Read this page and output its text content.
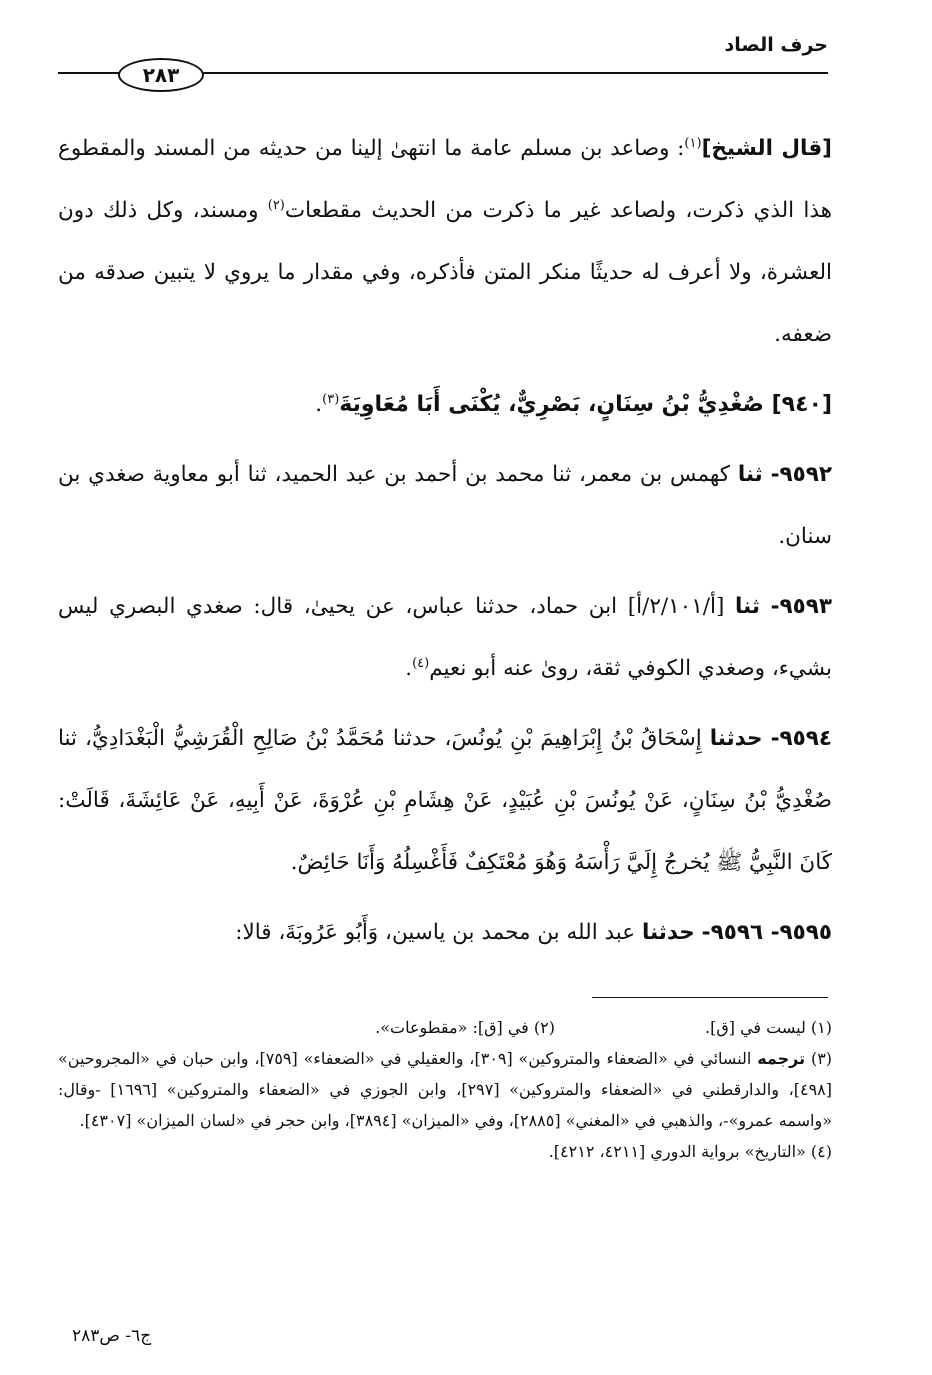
حرف الصاد
٢٨٣

[قال الشيخ]$^{(١)}$: وصاعد بن مسلم عامة ما انتهىٰ إلينا من حديثه من المسند والمقطوع هذا الذي ذكرت، ولصاعد غير ما ذكرت من الحديث مقطعات$^{(٢)}$ ومسند، وكل ذلك دون العشرة، ولا أعرف له حديثًا منكر المتن فأذكره، وفي مقدار ما يروي لا يتبين صدقه من ضعفه.

[٩٤٠] صُغْدِيُّ بْنُ سِنَانٍ، بَصْرِيٌّ، يُكْنَى أَبَا مُعَاوِيَةَ$^{(٣)}$.

٩٥٩٢- ثنا كهمس بن معمر، ثنا محمد بن أحمد بن عبد الحميد، ثنا أبو معاوية صغدي بن سنان.

٩٥٩٣- ثنا [أ/٢/١٠١/أ] ابن حماد، حدثنا عباس، عن يحيىٰ، قال: صغدي البصري ليس بشيء، وصغدي الكوفي ثقة، روىٰ عنه أبو نعيم$^{(٤)}$.

٩٥٩٤- حدثنا إِسْحَاقُ بْنُ إِبْرَاهِيمَ بْنِ يُونُسَ، حدثنا مُحَمَّدُ بْنُ صَالِحِ الْقُرَشِيُّ الْبَغْدَادِيُّ، ثنا صُغْدِيُّ بْنُ سِنَانٍ، عَنْ يُونُسَ بْنِ عُبَيْدٍ، عَنْ هِشَامِ بْنِ عُرْوَةَ، عَنْ أَبِيهِ، عَنْ عَائِشَةَ، قَالَتْ: كَانَ النَّبِيُّ ﷺ يُخرجُ إِلَيَّ رَأْسَهُ وَهُوَ مُعْتَكِفٌ فَأَغْسِلُهُ وَأَنَا حَائِضٌ.

٩٥٩٥- ٩٥٩٦- حدثنا عبد الله بن محمد بن ياسين، وَأَبُو عَرُوبَةَ، قالا:

(١) ليست في [ق].
(٢) في [ق]: «مقطوعات».

(٣) ترجمه النسائي في «الضعفاء والمتروكين» [٣٠٩]، والعقيلي في «الضعفاء» [٧٥٩]، وابن حبان في «المجروحين» [٤٩٨]، والدارقطني في «الضعفاء والمتروكين» [٢٩٧]، وابن الجوزي في «الضعفاء والمتروكين» [١٦٩٦] -وقال: «واسمه عمرو»-، والذهبي في «المغني» [٢٨٨٥]، وفي «الميزان» [٣٨٩٤]، وابن حجر في «لسان الميزان» [٤٣٠٧].

(٤) «التاريخ» برواية الدوري [٤٢١١، ٤٢١٢].

ج٦- ص٢٨٣
